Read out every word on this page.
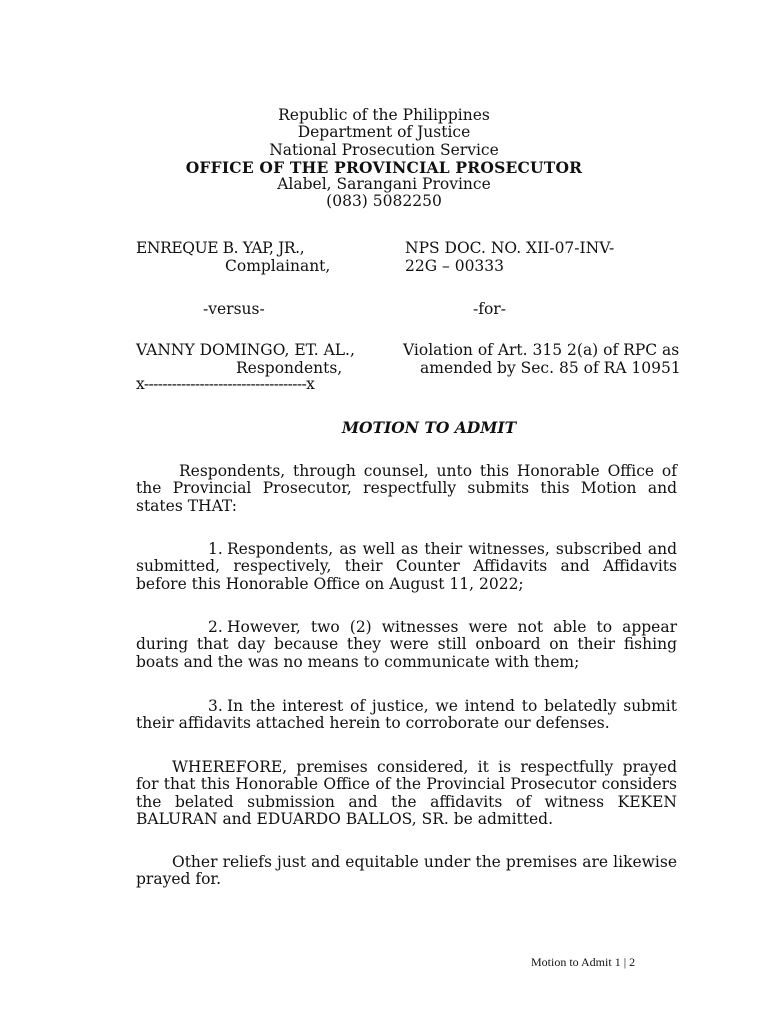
Republic of the Philippines
Department of Justice
National Prosecution Service
OFFICE OF THE PROVINCIAL PROSECUTOR
Alabel, Sarangani Province
(083) 5082250
ENREQUE B. YAP, JR.,
Complainant,
NPS DOC. NO. XII-07-INV-
22G – 00333
-versus-	-for-
VANNY DOMINGO, ET. AL.,
Respondents,
Violation of Art. 315 2(a) of RPC as
amended by Sec. 85 of RA 10951
x-----------------------------------x
MOTION TO ADMIT
Respondents, through counsel, unto this Honorable Office of the Provincial Prosecutor, respectfully submits this Motion and states THAT:
1. Respondents, as well as their witnesses, subscribed and submitted, respectively, their Counter Affidavits and Affidavits before this Honorable Office on August 11, 2022;
2. However, two (2) witnesses were not able to appear during that day because they were still onboard on their fishing boats and the was no means to communicate with them;
3. In the interest of justice, we intend to belatedly submit their affidavits attached herein to corroborate our defenses.
WHEREFORE, premises considered, it is respectfully prayed for that this Honorable Office of the Provincial Prosecutor considers the belated submission and the affidavits of witness KEKEN BALURAN and EDUARDO BALLOS, SR. be admitted.
Other reliefs just and equitable under the premises are likewise prayed for.
Motion to Admit 1 | 2
